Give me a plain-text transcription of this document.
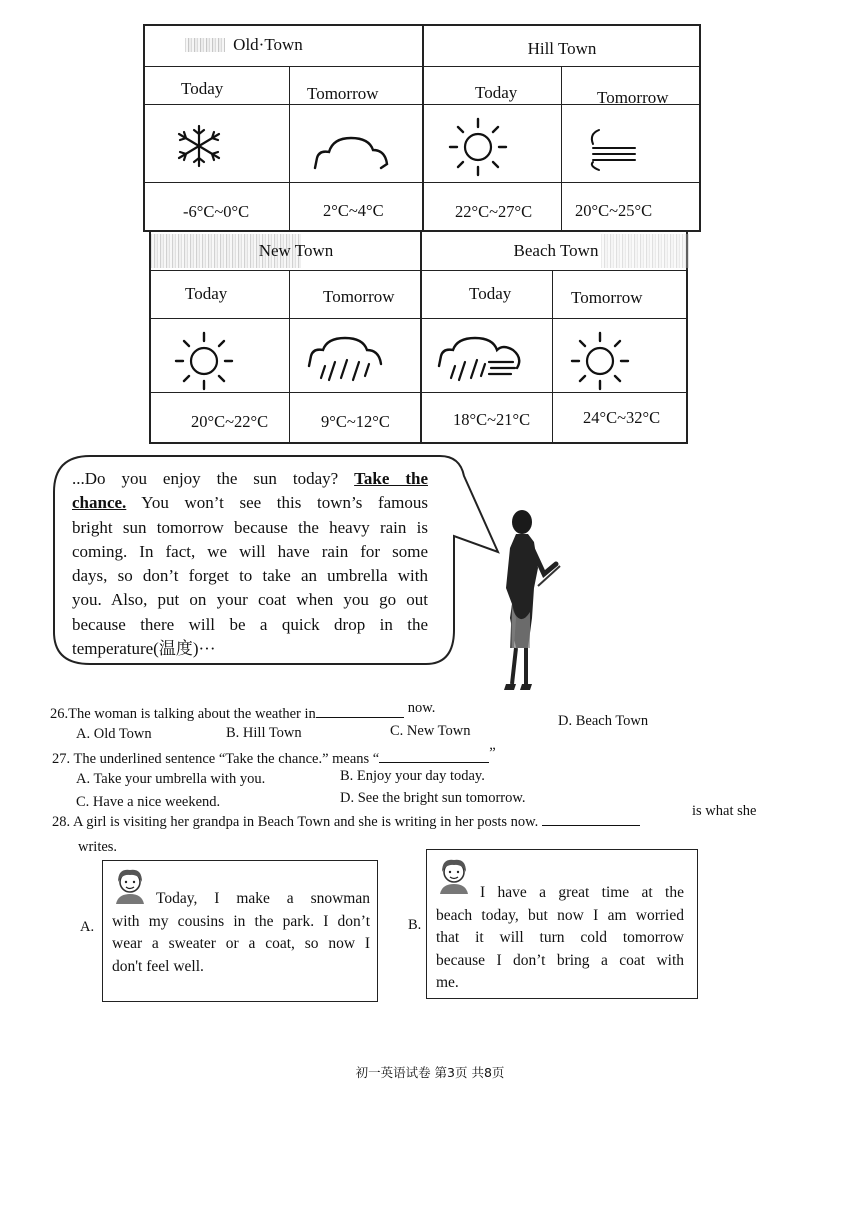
Old·Town	Hill Town
Today	Tomorrow	Today	Tomorrow
-6°C~0°C	2°C~4°C	22°C~27°C	20°C~25°C
New Town	Beach Town
Today	Tomorrow	Today	Tomorrow
20°C~22°C	9°C~12°C	18°C~21°C	24°C~32°C
...Do you enjoy the sun today? Take the
chance. You won’t see this town’s famous
bright sun tomorrow because the heavy rain is
coming. In fact, we will have rain for some
days, so don’t forget to take an umbrella with
you. Also, put on your coat when you go out
because there will be a quick drop in the
temperature(温度)···
26.The woman is talking about the weather in	now.
A. Old Town	B. Hill Town	C. New Town
D. Beach Town
27. The underlined sentence “Take the chance.” means “	”
A. Take your umbrella with you.	B. Enjoy your day today.
C. Have a nice weekend.	D. See the bright sun tomorrow.
28. A girl is visiting her grandpa in Beach Town and she is writing in her posts now.
is what she
writes.
A.
Today, I make a snowman
with my cousins in the park. I don’t
wear a sweater or a coat, so now I
don't feel well.
B.
I have a great time at the
beach today, but now I am worried
that it will turn cold tomorrow
because I don’t bring a coat with
me.
初一英语试卷 第3页 共8页
